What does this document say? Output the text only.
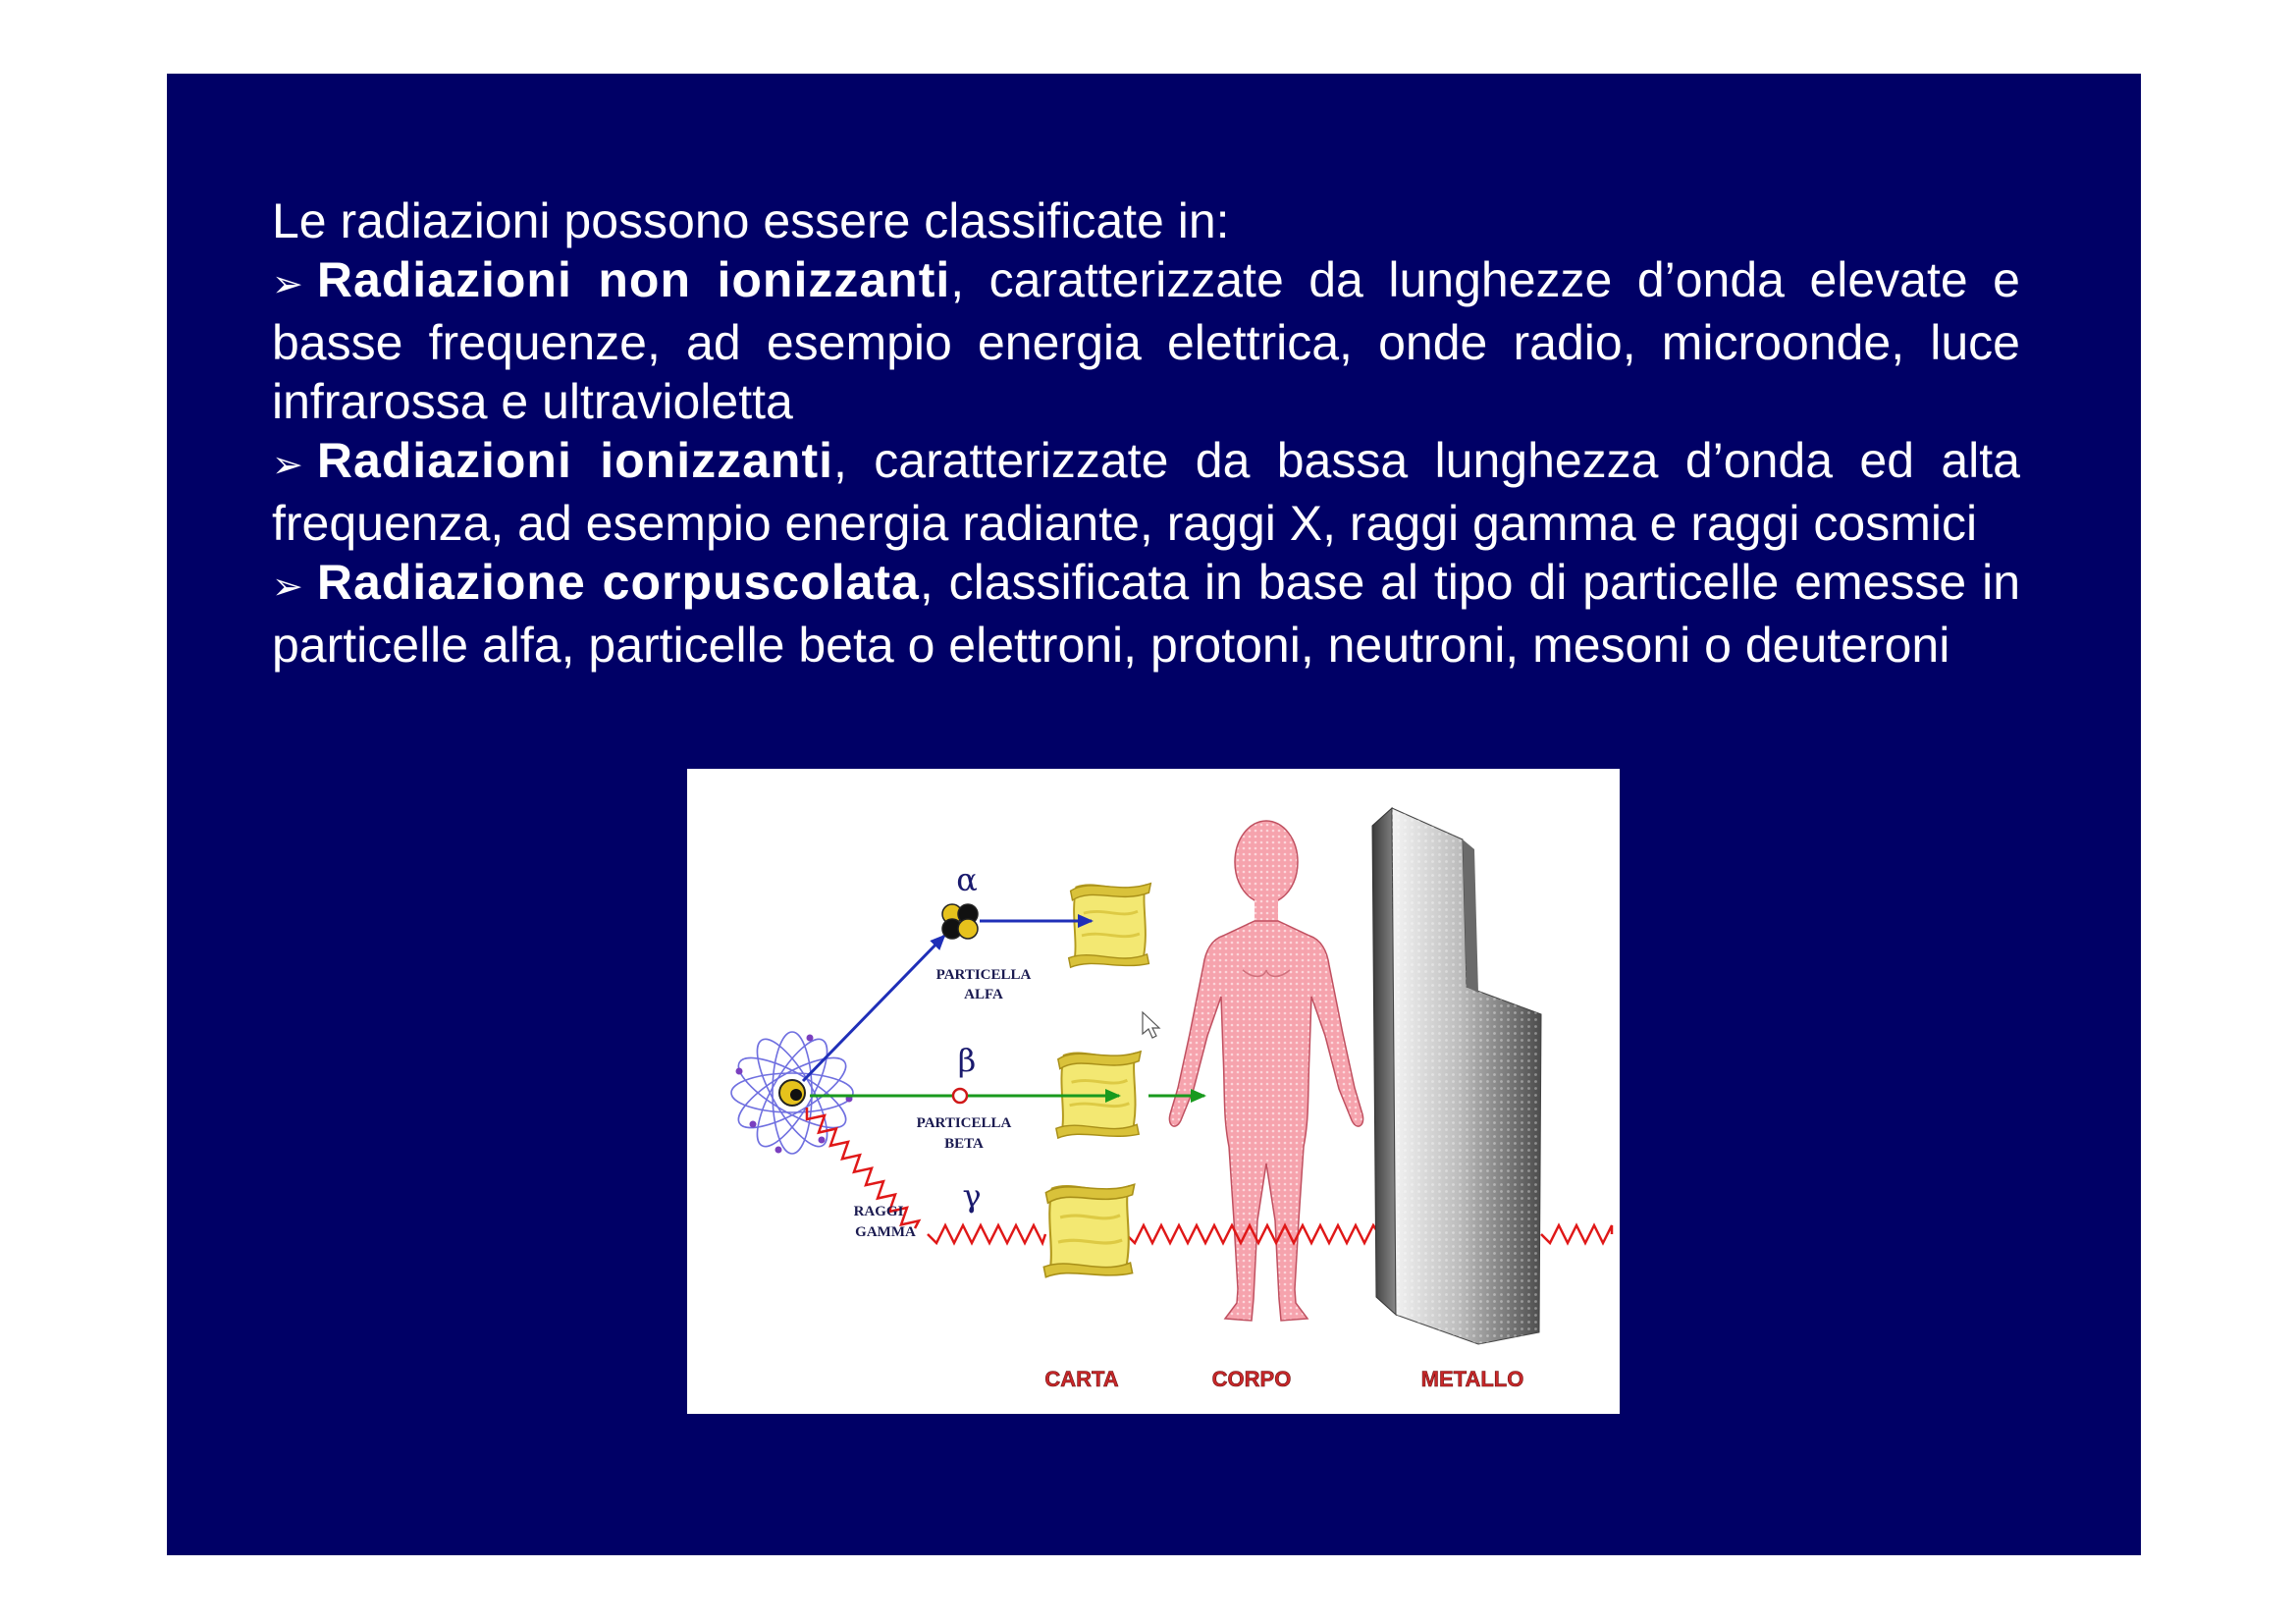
Le radiazioni possono essere classificate in:
➢ Radiazioni non ionizzanti, caratterizzate da lunghezze d’onda elevate e basse frequenze, ad esempio energia elettrica, onde radio, microonde, luce infrarossa e ultravioletta
➢ Radiazioni ionizzanti, caratterizzate da bassa lunghezza d’onda ed alta frequenza, ad esempio energia radiante, raggi X, raggi gamma e raggi cosmici
➢ Radiazione corpuscolata, classificata in base al tipo di particelle emesse in particelle alfa, particelle beta o elettroni, protoni, neutroni, mesoni o deuteroni
α
PARTICELLA
ALFA
β
PARTICELLA
BETA
γ
RAGGI
GAMMA
CARTA	CORPO	METALLO
